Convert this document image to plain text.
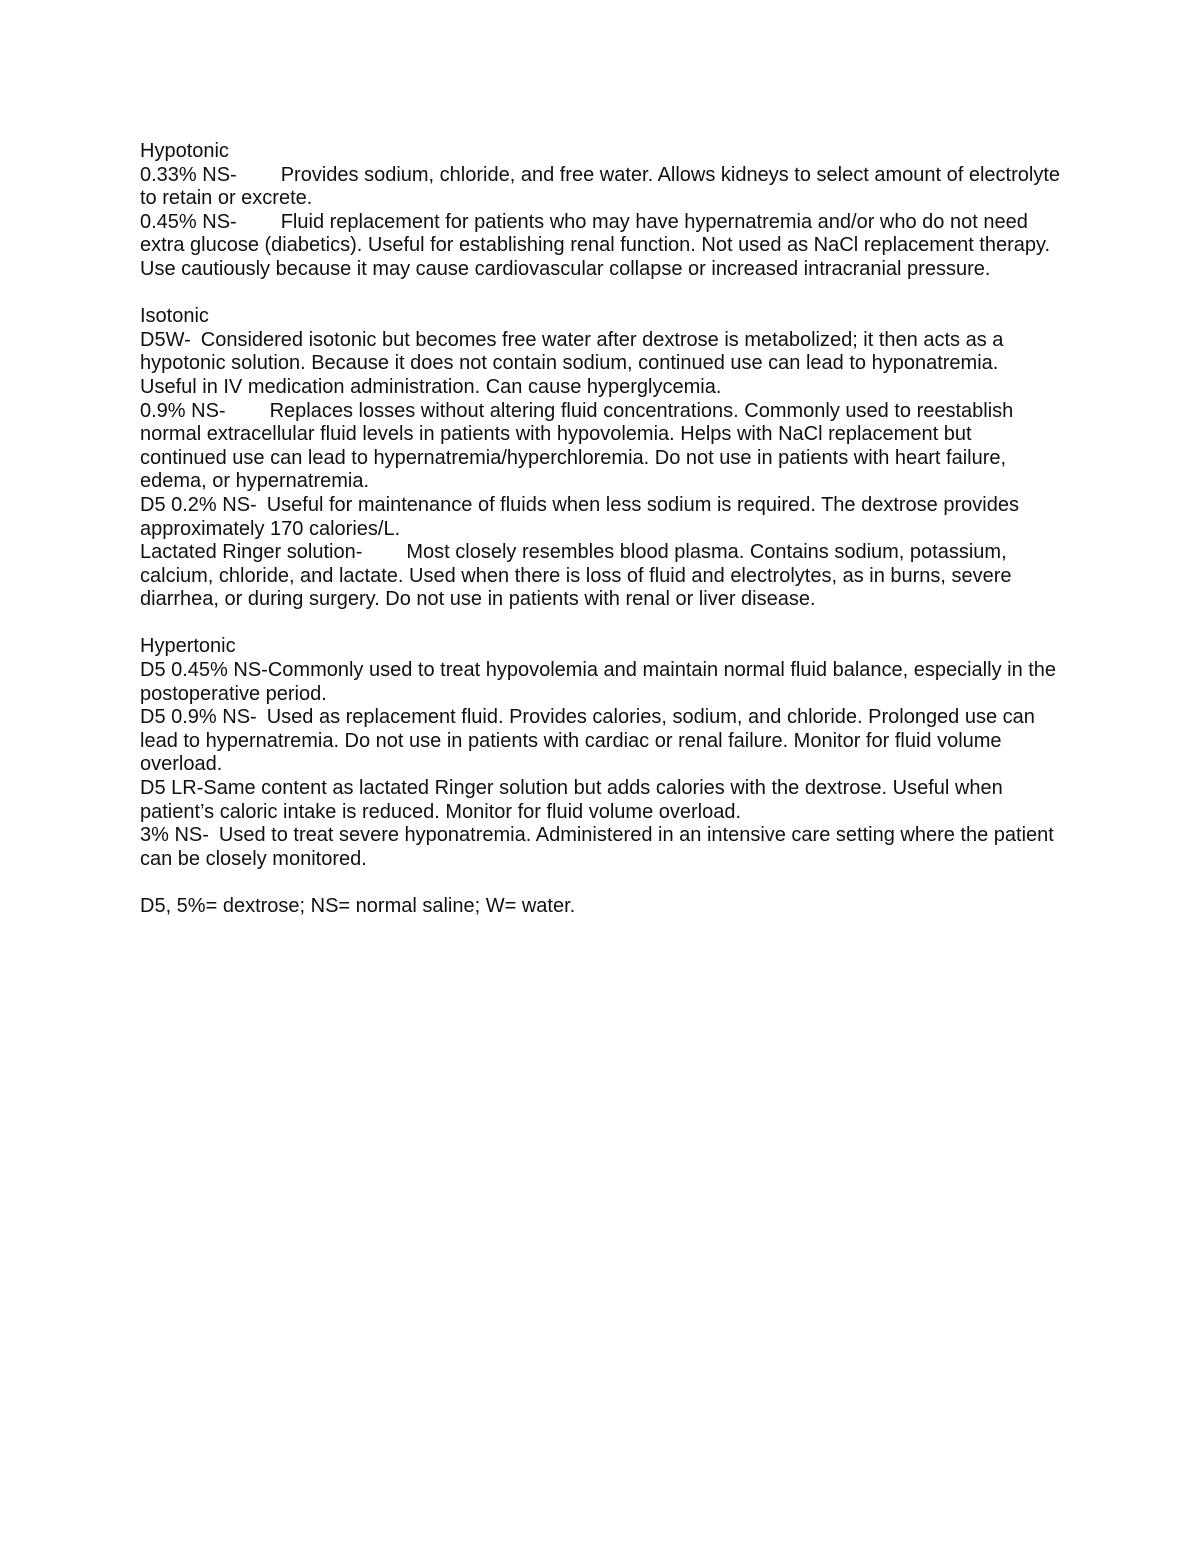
Hypotonic
0.33% NS- Provides sodium, chloride, and free water. Allows kidneys to select amount of electrolyte to retain or excrete.
0.45% NS- Fluid replacement for patients who may have hypernatremia and/or who do not need extra glucose (diabetics). Useful for establishing renal function. Not used as NaCl replacement therapy. Use cautiously because it may cause cardiovascular collapse or increased intracranial pressure.
Isotonic
D5W- Considered isotonic but becomes free water after dextrose is metabolized; it then acts as a hypotonic solution. Because it does not contain sodium, continued use can lead to hyponatremia. Useful in IV medication administration. Can cause hyperglycemia.
0.9% NS- Replaces losses without altering fluid concentrations. Commonly used to reestablish normal extracellular fluid levels in patients with hypovolemia. Helps with NaCl replacement but continued use can lead to hypernatremia/hyperchloremia. Do not use in patients with heart failure, edema, or hypernatremia.
D5 0.2% NS- Useful for maintenance of fluids when less sodium is required. The dextrose provides approximately 170 calories/L.
Lactated Ringer solution- Most closely resembles blood plasma. Contains sodium, potassium, calcium, chloride, and lactate. Used when there is loss of fluid and electrolytes, as in burns, severe diarrhea, or during surgery. Do not use in patients with renal or liver disease.
Hypertonic
D5 0.45% NS-Commonly used to treat hypovolemia and maintain normal fluid balance, especially in the postoperative period.
D5 0.9% NS- Used as replacement fluid. Provides calories, sodium, and chloride. Prolonged use can lead to hypernatremia. Do not use in patients with cardiac or renal failure. Monitor for fluid volume overload.
D5 LR-Same content as lactated Ringer solution but adds calories with the dextrose. Useful when patient’s caloric intake is reduced. Monitor for fluid volume overload.
3% NS- Used to treat severe hyponatremia. Administered in an intensive care setting where the patient can be closely monitored.
D5, 5%= dextrose; NS= normal saline; W= water.
